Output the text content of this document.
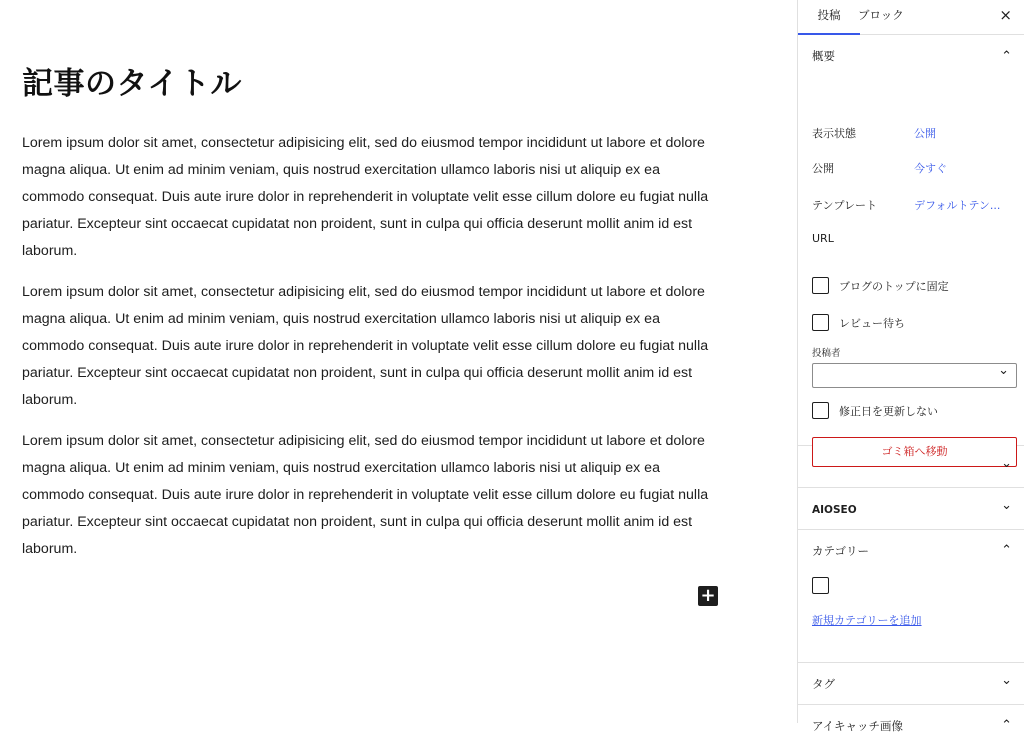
記事のタイトル

Lorem ipsum dolor sit amet, consectetur adipisicing elit, sed do eiusmod tempor incididunt ut labore et dolore magna aliqua. Ut enim ad minim veniam, quis nostrud exercitation ullamco laboris nisi ut aliquip ex ea commodo consequat. Duis aute irure dolor in reprehenderit in voluptate velit esse cillum dolore eu fugiat nulla pariatur. Excepteur sint occaecat cupidatat non proident, sunt in culpa qui officia deserunt mollit anim id est laborum.

Lorem ipsum dolor sit amet, consectetur adipisicing elit, sed do eiusmod tempor incididunt ut labore et dolore magna aliqua. Ut enim ad minim veniam, quis nostrud exercitation ullamco laboris nisi ut aliquip ex ea commodo consequat. Duis aute irure dolor in reprehenderit in voluptate velit esse cillum dolore eu fugiat nulla pariatur. Excepteur sint occaecat cupidatat non proident, sunt in culpa qui officia deserunt mollit anim id est laborum.

Lorem ipsum dolor sit amet, consectetur adipisicing elit, sed do eiusmod tempor incididunt ut labore et dolore magna aliqua. Ut enim ad minim veniam, quis nostrud exercitation ullamco laboris nisi ut aliquip ex ea commodo consequat. Duis aute irure dolor in reprehenderit in voluptate velit esse cillum dolore eu fugiat nulla pariatur. Excepteur sint occaecat cupidatat non proident, sunt in culpa qui officia deserunt mollit anim id est laborum.

+
投稿	ブロック	×
概要
⌃
表示状態	公開
公開	今すぐ
テンプレート	デフォルトテン...
URL
ブログのトップに固定
レビュー待ち
投稿者
⌄
修正日を更新しない
ゴミ箱へ移動
⌄
AIOSEO
⌄
カテゴリー
⌃
新規カテゴリーを追加
タグ
⌄
アイキャッチ画像
⌃
